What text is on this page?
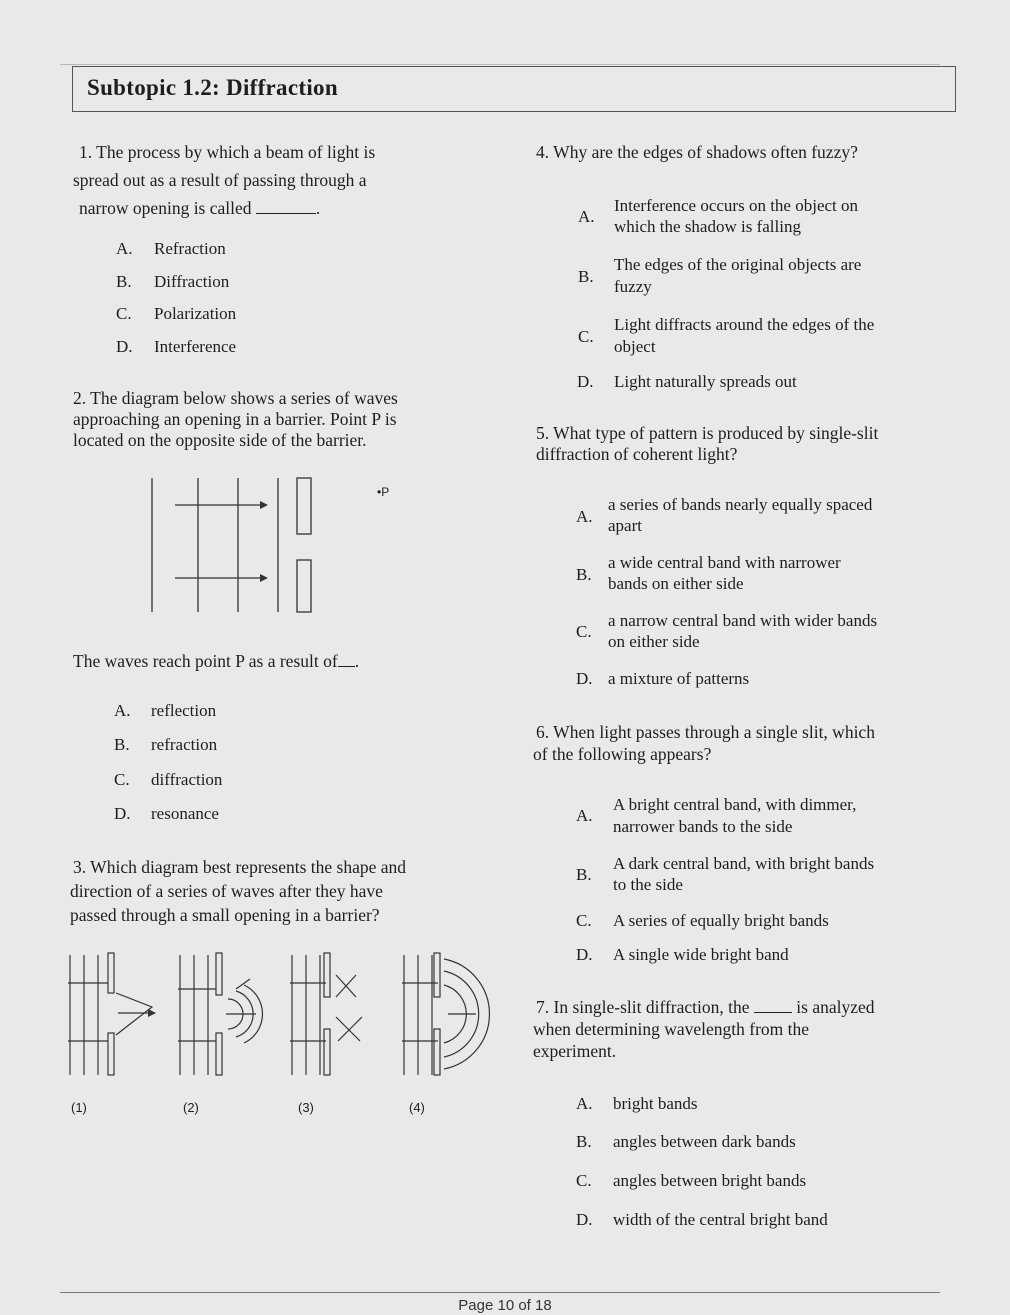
Subtopic 1.2: Diffraction
1. The process by which a beam of light is
spread out as a result of passing through a
narrow opening is called	.
A. Refraction
B. Diffraction
C. Polarization
D. Interference
2. The diagram below shows a series of waves
approaching an opening in a barrier. Point P is
located on the opposite side of the barrier.
•P
The waves reach point P as a result of .
A. reflection
B. refraction
C. diffraction
D. resonance
3. Which diagram best represents the shape and
direction of a series of waves after they have
passed through a small opening in a barrier?
(1)	(2)	(3)	(4)
4. Why are the edges of shadows often fuzzy?
A.
Interference occurs on the object on
which the shadow is falling
B.
The edges of the original objects are
fuzzy
C.
Light diffracts around the edges of the
object
D. Light naturally spreads out
5. What type of pattern is produced by single-slit
diffraction of coherent light?
A.
a series of bands nearly equally spaced
apart
B.
a wide central band with narrower
bands on either side
C.
a narrow central band with wider bands
on either side
D. a mixture of patterns
6. When light passes through a single slit, which
of the following appears?
A.
A bright central band, with dimmer,
narrower bands to the side
B.
A dark central band, with bright bands
to the side
C. A series of equally bright bands
D. A single wide bright band
7. In single-slit diffraction, the	is analyzed
when determining wavelength from the
experiment.
A. bright bands
B. angles between dark bands
C. angles between bright bands
D. width of the central bright band
Page 10 of 18
